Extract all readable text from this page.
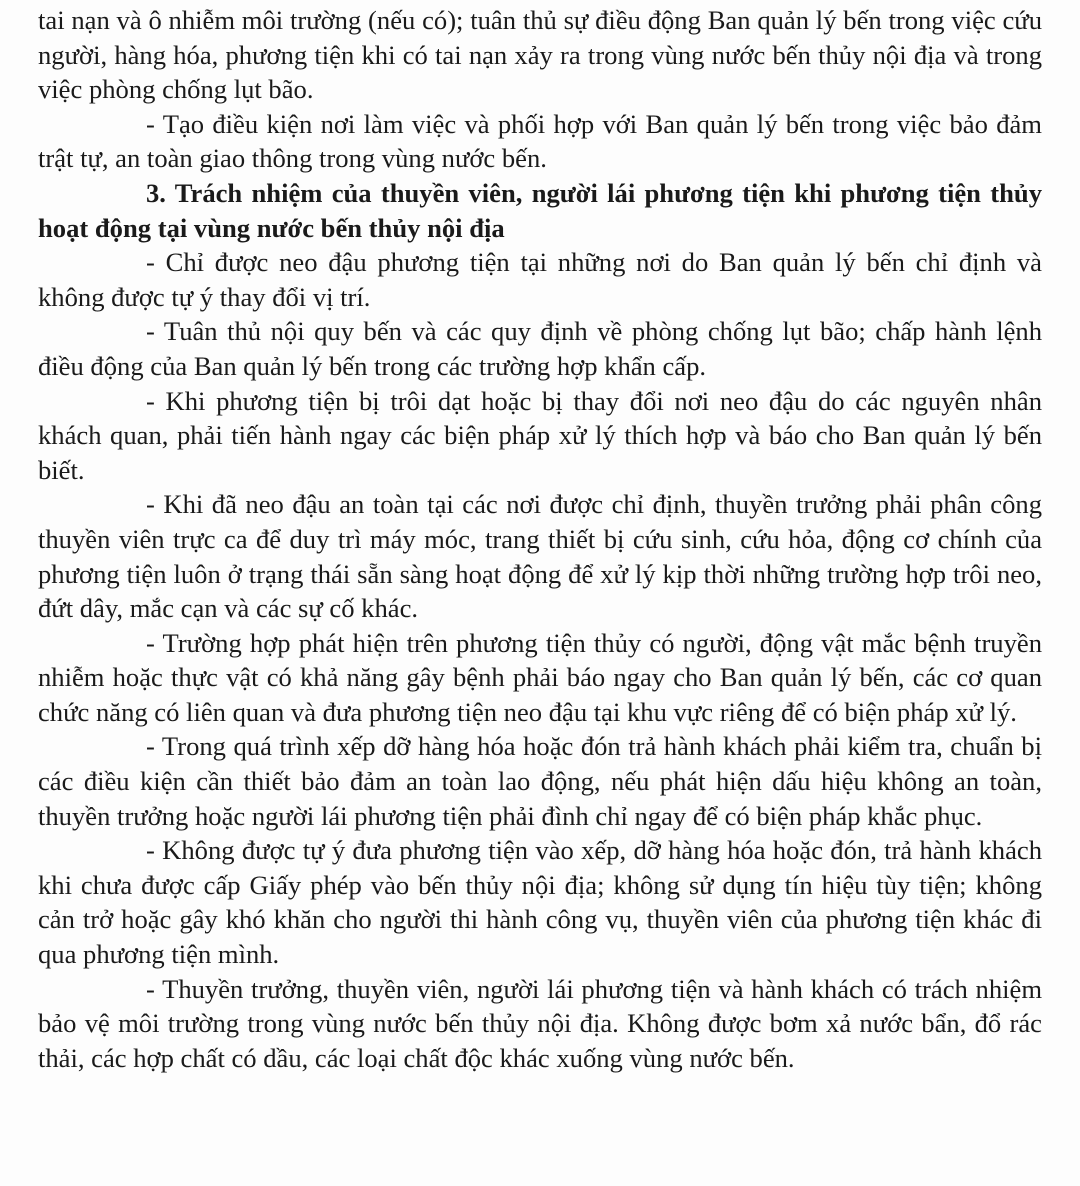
tai nạn và ô nhiễm môi trường (nếu có); tuân thủ sự điều động Ban quản lý bến trong việc cứu người, hàng hóa, phương tiện khi có tai nạn xảy ra trong vùng nước bến thủy nội địa và trong việc phòng chống lụt bão.

- Tạo điều kiện nơi làm việc và phối hợp với Ban quản lý bến trong việc bảo đảm trật tự, an toàn giao thông trong vùng nước bến.

3. Trách nhiệm của thuyền viên, người lái phương tiện khi phương tiện thủy hoạt động tại vùng nước bến thủy nội địa

- Chỉ được neo đậu phương tiện tại những nơi do Ban quản lý bến chỉ định và không được tự ý thay đổi vị trí.

- Tuân thủ nội quy bến và các quy định về phòng chống lụt bão; chấp hành lệnh điều động của Ban quản lý bến trong các trường hợp khẩn cấp.

- Khi phương tiện bị trôi dạt hoặc bị thay đổi nơi neo đậu do các nguyên nhân khách quan, phải tiến hành ngay các biện pháp xử lý thích hợp và báo cho Ban quản lý bến biết.

- Khi đã neo đậu an toàn tại các nơi được chỉ định, thuyền trưởng phải phân công thuyền viên trực ca để duy trì máy móc, trang thiết bị cứu sinh, cứu hỏa, động cơ chính của phương tiện luôn ở trạng thái sẵn sàng hoạt động để xử lý kịp thời những trường hợp trôi neo, đứt dây, mắc cạn và các sự cố khác.

- Trường hợp phát hiện trên phương tiện thủy có người, động vật mắc bệnh truyền nhiễm hoặc thực vật có khả năng gây bệnh phải báo ngay cho Ban quản lý bến, các cơ quan chức năng có liên quan và đưa phương tiện neo đậu tại khu vực riêng để có biện pháp xử lý.

- Trong quá trình xếp dỡ hàng hóa hoặc đón trả hành khách phải kiểm tra, chuẩn bị các điều kiện cần thiết bảo đảm an toàn lao động, nếu phát hiện dấu hiệu không an toàn, thuyền trưởng hoặc người lái phương tiện phải đình chỉ ngay để có biện pháp khắc phục.

- Không được tự ý đưa phương tiện vào xếp, dỡ hàng hóa hoặc đón, trả hành khách khi chưa được cấp Giấy phép vào bến thủy nội địa; không sử dụng tín hiệu tùy tiện; không cản trở hoặc gây khó khăn cho người thi hành công vụ, thuyền viên của phương tiện khác đi qua phương tiện mình.

- Thuyền trưởng, thuyền viên, người lái phương tiện và hành khách có trách nhiệm bảo vệ môi trường trong vùng nước bến thủy nội địa. Không được bơm xả nước bẩn, đổ rác thải, các hợp chất có dầu, các loại chất độc khác xuống vùng nước bến.
